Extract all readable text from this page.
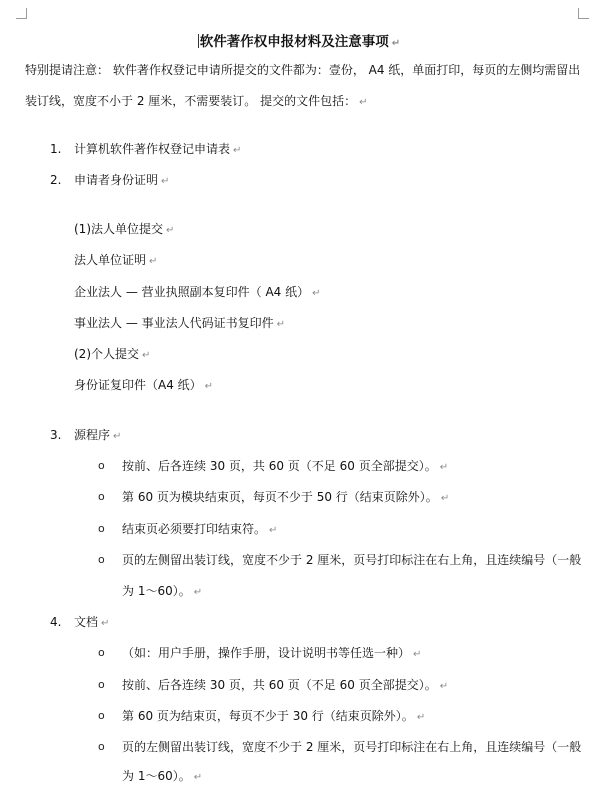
软件著作权申报材料及注意事项 ↵
特别提请注意： 软件著作权登记申请所提交的文件都为：壹份， A4 纸，单面打印，每页的左侧均需留出
装订线，宽度不小于 2 厘米，不需要装订。 提交的文件包括： ↵
1. 计算机软件著作权登记申请表 ↵
2. 申请者身份证明 ↵
(1)法人单位提交 ↵
法人单位证明 ↵
企业法人 — 营业执照副本复印件（ A4 纸） ↵
事业法人 — 事业法人代码证书复印件 ↵
(2)个人提交 ↵
身份证复印件（A4 纸） ↵
3. 源程序 ↵
o 按前、后各连续 30 页，共 60 页（不足 60 页全部提交）。 ↵
o 第 60 页为模块结束页，每页不少于 50 行（结束页除外）。 ↵
o 结束页必须要打印结束符。 ↵
o 页的左侧留出装订线，宽度不少于 2 厘米，页号打印标注在右上角，且连续编号（一般
为 1～60）。 ↵
4. 文档 ↵
o （如：用户手册，操作手册，设计说明书等任选一种） ↵
o 按前、后各连续 30 页，共 60 页（不足 60 页全部提交）。 ↵
o 第 60 页为结束页，每页不少于 30 行（结束页除外）。 ↵
o 页的左侧留出装订线，宽度不少于 2 厘米，页号打印标注在右上角，且连续编号（一般
为 1～60）。 ↵
